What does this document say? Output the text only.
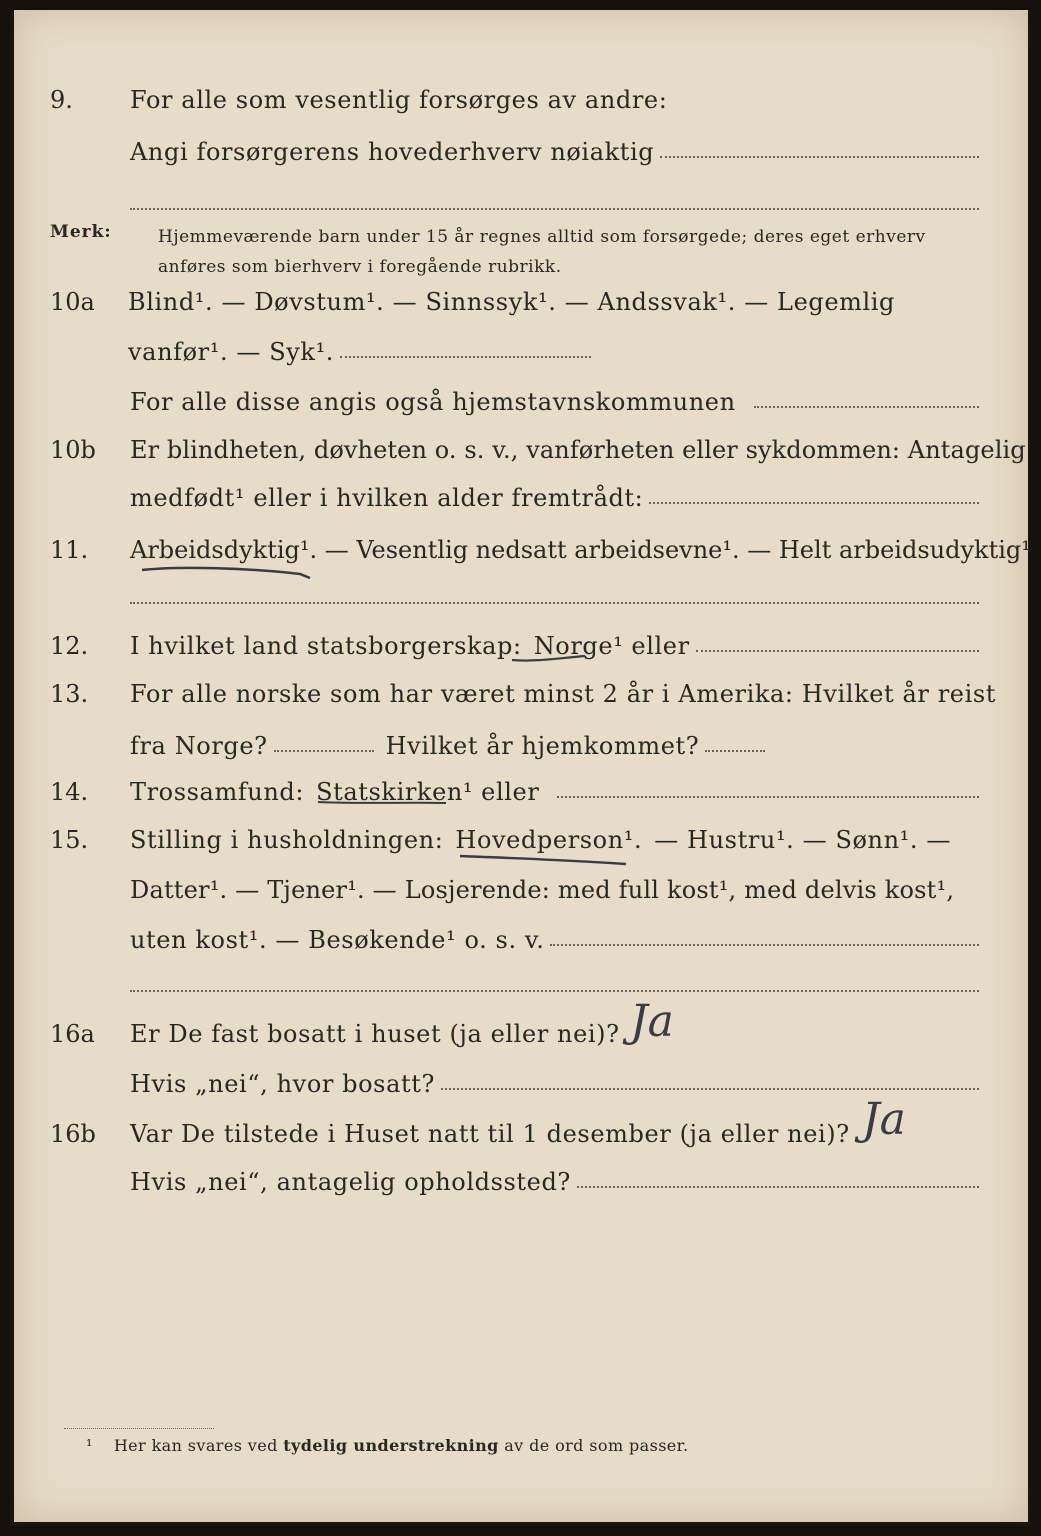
9.	For alle som vesentlig forsørges av andre:
Angi forsørgerens hovederhverv nøiaktig
Merk:	Hjemmeværende barn under 15 år regnes alltid som forsørgede; deres eget erhverv anføres som bierhverv i foregående rubrikk.
10a	Blind¹. — Døvstum¹. — Sinnssyk¹. — Andssvak¹. — Legemlig
vanfør¹. — Syk¹.
For alle disse angis også hjemstavnskommunen
10b	Er blindheten, døvheten o. s. v., vanførheten eller sykdommen: Antagelig
medfødt¹ eller i hvilken alder fremtrådt:
11.	Arbeidsdyktig¹. — Vesentlig nedsatt arbeidsevne¹. — Helt arbeidsudyktig¹.
12.	I hvilket land statsborgerskap: Norge¹ eller
13.	For alle norske som har været minst 2 år i Amerika: Hvilket år reist
fra Norge?	Hvilket år hjemkommet?
14.	Trossamfund: Statskirken¹ eller
15.	Stilling i husholdningen: Hovedperson¹. — Hustru¹. — Sønn¹. —
Datter¹. — Tjener¹. — Losjerende: med full kost¹, med delvis kost¹,
uten kost¹. — Besøkende¹ o. s. v.
16a	Er De fast bosatt i huset (ja eller nei)? Ja
Hvis „nei“, hvor bosatt?
16b	Var De tilstede i Huset natt til 1 desember (ja eller nei)? Ja
Hvis „nei“, antagelig opholdssted?
¹ Her kan svares ved tydelig understrekning av de ord som passer.
